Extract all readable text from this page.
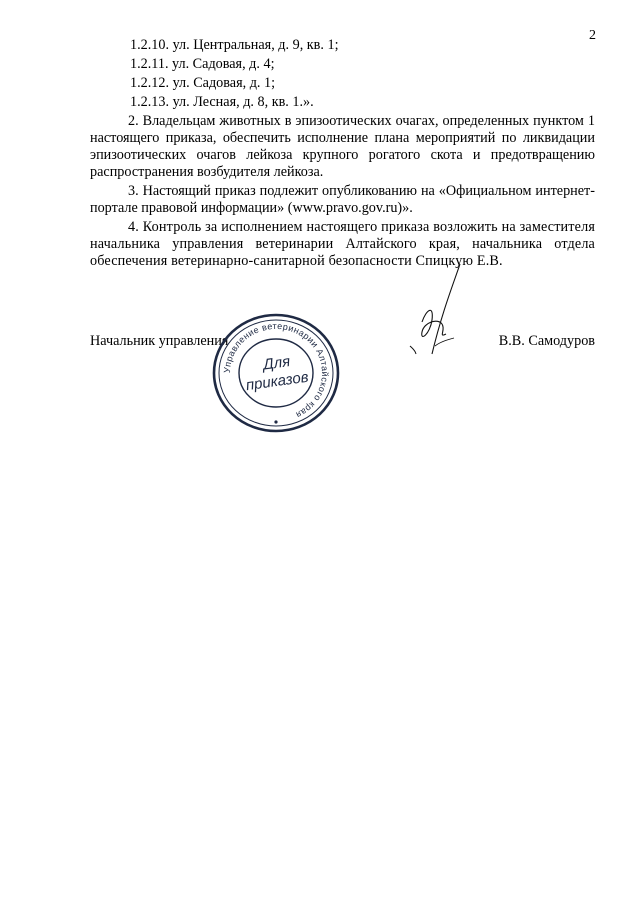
2
1.2.10. ул. Центральная, д. 9, кв. 1;
1.2.11. ул. Садовая, д. 4;
1.2.12. ул. Садовая, д. 1;
1.2.13. ул. Лесная, д. 8, кв. 1.».

2. Владельцам животных в эпизоотических очагах, определенных пунктом 1 настоящего приказа, обеспечить исполнение плана мероприятий по ликвидации эпизоотических очагов лейкоза крупного рогатого скота и предотвращению распространения возбудителя лейкоза.

3. Настоящий приказ подлежит опубликованию на «Официальном интернет-портале правовой информации» (www.pravo.gov.ru)».

4. Контроль за исполнением настоящего приказа возложить на заместителя начальника управления ветеринарии Алтайского края, начальника отдела обеспечения ветеринарно-санитарной безопасности Спицкую Е.В.

Начальник управления	В.В. Самодуров
Управление ветеринарии Алтайского края
Для
приказов
